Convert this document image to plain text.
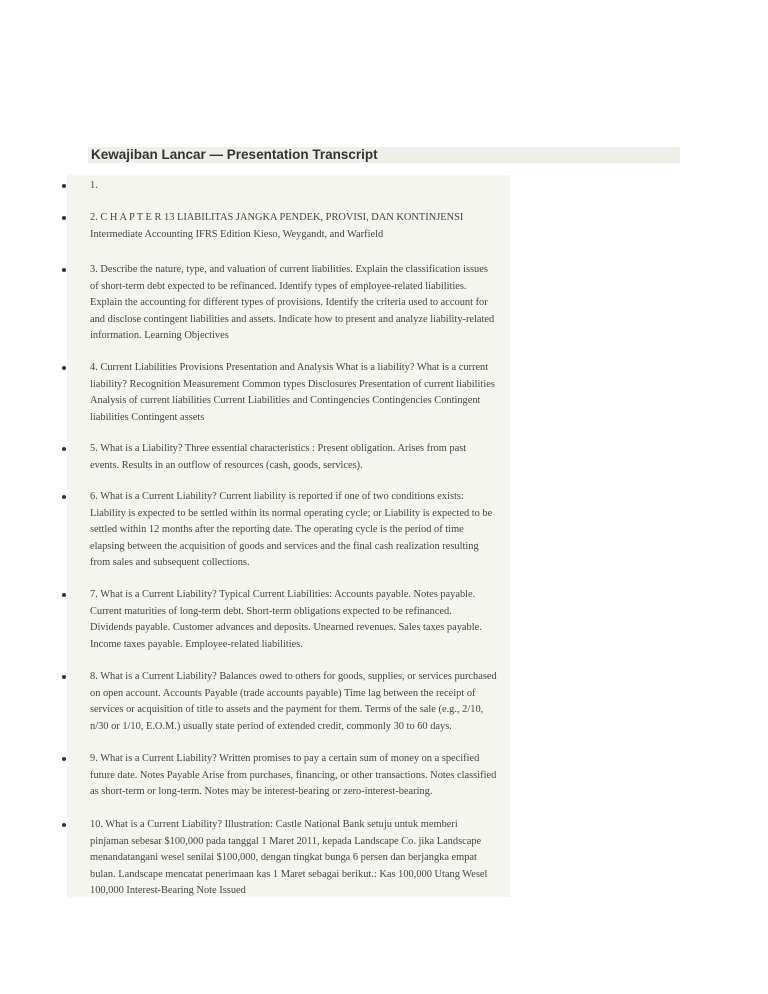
Kewajiban Lancar — Presentation Transcript
1.
2. C H A P T E R 13 LIABILITAS JANGKA PENDEK, PROVISI, DAN KONTINJENSI
Intermediate Accounting IFRS Edition Kieso, Weygandt, and Warfield
3. Describe the nature, type, and valuation of current liabilities. Explain the classification issues
of short-term debt expected to be refinanced. Identify types of employee-related liabilities.
Explain the accounting for different types of provisions. Identify the criteria used to account for
and disclose contingent liabilities and assets. Indicate how to present and analyze liability-related
information. Learning Objectives
4. Current Liabilities Provisions Presentation and Analysis What is a liability? What is a current
liability? Recognition Measurement Common types Disclosures Presentation of current liabilities
Analysis of current liabilities Current Liabilities and Contingencies Contingencies Contingent
liabilities Contingent assets
5. What is a Liability? Three essential characteristics : Present obligation. Arises from past
events. Results in an outflow of resources (cash, goods, services).
6. What is a Current Liability? Current liability is reported if one of two conditions exists:
Liability is expected to be settled within its normal operating cycle; or Liability is expected to be
settled within 12 months after the reporting date. The operating cycle is the period of time
elapsing between the acquisition of goods and services and the final cash realization resulting
from sales and subsequent collections.
7. What is a Current Liability? Typical Current Liabilities: Accounts payable. Notes payable.
Current maturities of long-term debt. Short-term obligations expected to be refinanced.
Dividends payable. Customer advances and deposits. Unearned revenues. Sales taxes payable.
Income taxes payable. Employee-related liabilities.
8. What is a Current Liability? Balances owed to others for goods, supplies, or services purchased
on open account. Accounts Payable (trade accounts payable) Time lag between the receipt of
services or acquisition of title to assets and the payment for them. Terms of the sale (e.g., 2/10,
n/30 or 1/10, E.O.M.) usually state period of extended credit, commonly 30 to 60 days.
9. What is a Current Liability? Written promises to pay a certain sum of money on a specified
future date. Notes Payable Arise from purchases, financing, or other transactions. Notes classified
as short-term or long-term. Notes may be interest-bearing or zero-interest-bearing.
10. What is a Current Liability? Illustration: Castle National Bank setuju untuk memberi
pinjaman sebesar $100,000 pada tanggal 1 Maret 2011, kepada Landscape Co. jika Landscape
menandatangani wesel senilai $100,000, dengan tingkat bunga 6 persen dan berjangka empat
bulan. Landscape mencatat penerimaan kas 1 Maret sebagai berikut.: Kas 100,000 Utang Wesel
100,000 Interest-Bearing Note Issued
